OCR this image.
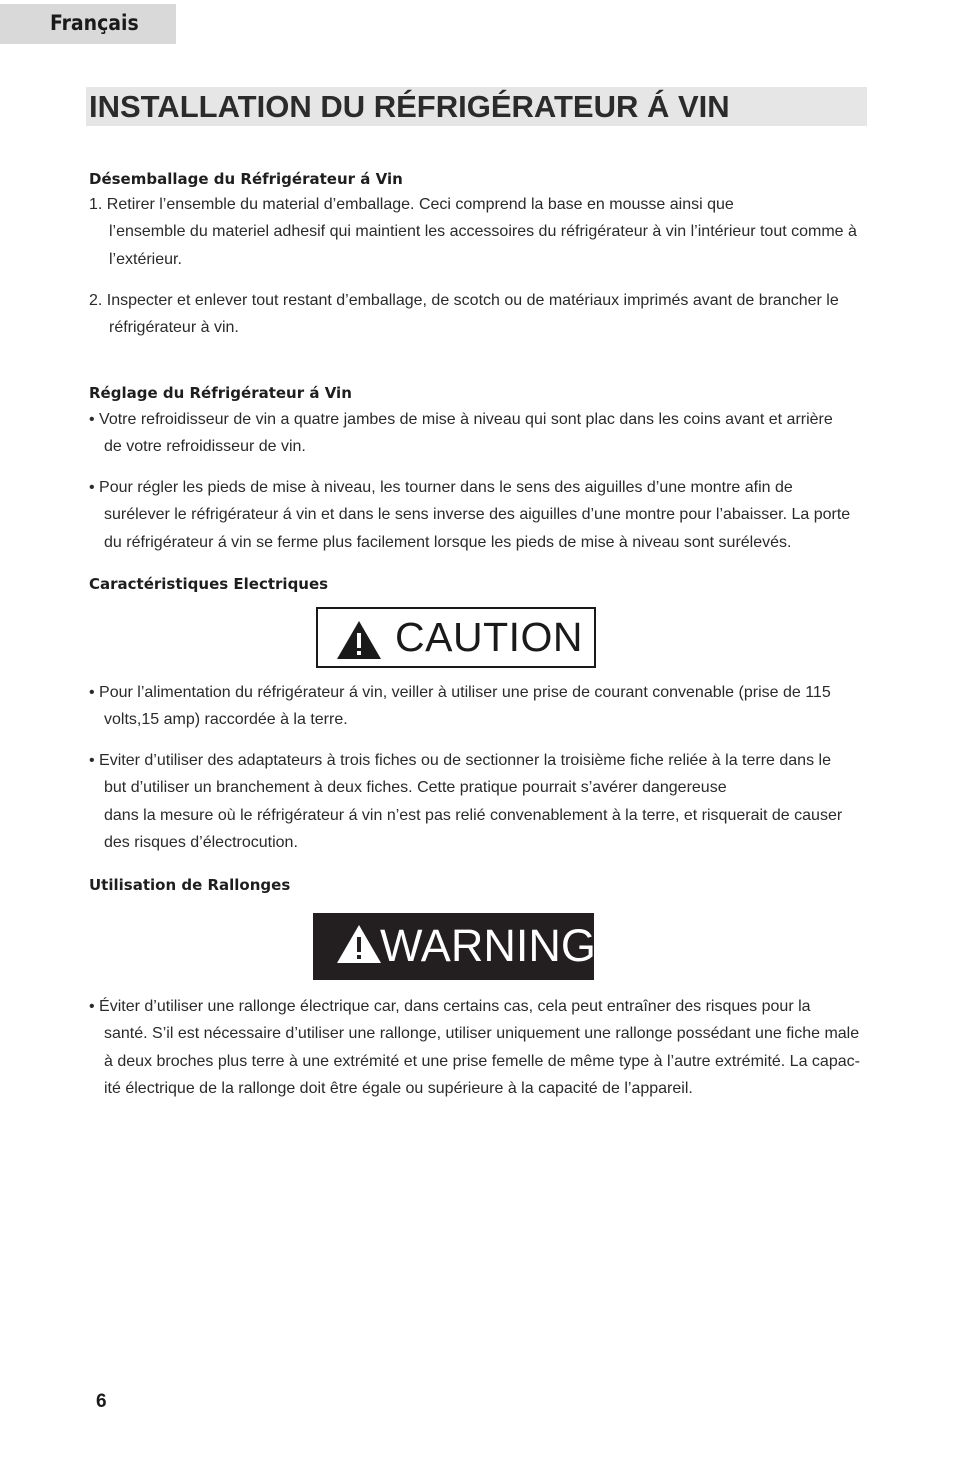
Français
INSTALLATION DU RÉFRIGÉRATEUR Á VIN
Désemballage du Réfrigérateur á Vin
1. Retirer l’ensemble du material d’emballage. Ceci comprend la base en mousse ainsi que
l’ensemble du materiel adhesif qui maintient les accessoires du réfrigérateur à vin l’intérieur tout comme à
l’extérieur.
2. Inspecter et enlever tout restant d’emballage, de scotch ou de matériaux imprimés avant de brancher le
réfrigérateur à vin.
Réglage du Réfrigérateur á Vin
• Votre refroidisseur de vin a quatre jambes de mise à niveau qui sont plac dans les coins avant et arrière
de votre refroidisseur de vin.
• Pour régler les pieds de mise à niveau, les tourner dans le sens des aiguilles d’une montre afin de
surélever le réfrigérateur á vin et dans le sens inverse des aiguilles d’une montre pour l’abaisser. La porte
du réfrigérateur á vin se ferme plus facilement lorsque les pieds de mise à niveau sont surélevés.
Caractéristiques Electriques
CAUTION
• Pour l’alimentation du réfrigérateur á vin, veiller à utiliser une prise de courant convenable (prise de 115
volts,15 amp) raccordée à la terre.
• Eviter d’utiliser des adaptateurs à trois fiches ou de sectionner la troisième fiche reliée à la terre dans le
but d’utiliser un branchement à deux fiches. Cette pratique pourrait s’avérer dangereuse
dans la mesure où le réfrigérateur á vin n’est pas relié convenablement à la terre, et risquerait de causer
des risques d’électrocution.
Utilisation de Rallonges
WARNING
• Éviter d’utiliser une rallonge électrique car, dans certains cas, cela peut entraîner des risques pour la
santé. S’il est nécessaire d’utiliser une rallonge, utiliser uniquement une rallonge possédant une fiche male
à deux broches plus terre à une extrémité et une prise femelle de même type à l’autre extrémité. La capac-
ité électrique de la rallonge doit être égale ou supérieure à la capacité de l’appareil.
6
